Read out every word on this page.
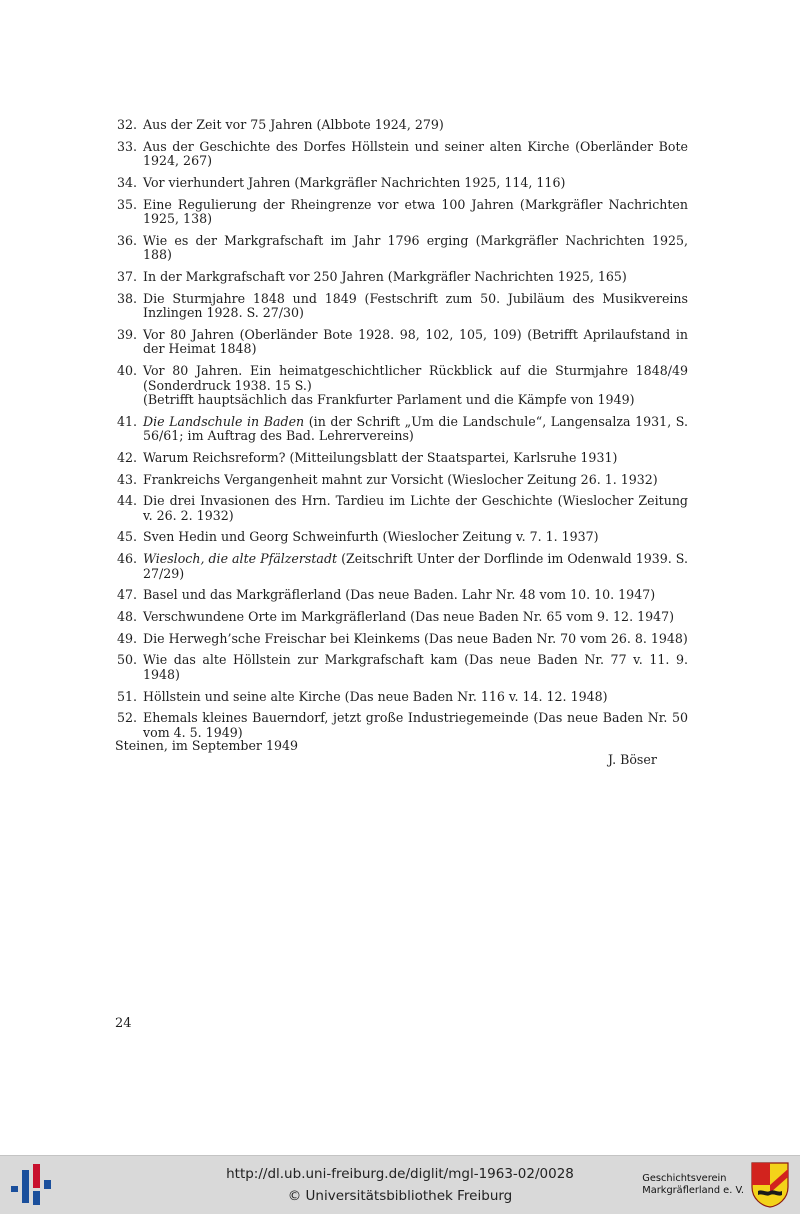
32. Aus der Zeit vor 75 Jahren (Albbote 1924, 279)
33. Aus der Geschichte des Dorfes Höllstein und seiner alten Kirche (Oberländer Bote 1924, 267)
34. Vor vierhundert Jahren (Markgräfler Nachrichten 1925, 114, 116)
35. Eine Regulierung der Rheingrenze vor etwa 100 Jahren (Markgräfler Nachrichten 1925, 138)
36. Wie es der Markgrafschaft im Jahr 1796 erging (Markgräfler Nachrichten 1925, 188)
37. In der Markgrafschaft vor 250 Jahren (Markgräfler Nachrichten 1925, 165)
38. Die Sturmjahre 1848 und 1849 (Festschrift zum 50. Jubiläum des Musikvereins Inzlingen 1928. S. 27/30)
39. Vor 80 Jahren (Oberländer Bote 1928. 98, 102, 105, 109) (Betrifft Aprilaufstand in der Heimat 1848)
40. Vor 80 Jahren. Ein heimatgeschichtlicher Rückblick auf die Sturmjahre 1848/49 (Sonderdruck 1938. 15 S.)
(Betrifft hauptsächlich das Frankfurter Parlament und die Kämpfe von 1949)
41. Die Landschule in Baden (in der Schrift „Um die Landschule“, Langensalza 1931, S. 56/61; im Auftrag des Bad. Lehrervereins)
42. Warum Reichsreform? (Mitteilungsblatt der Staatspartei, Karlsruhe 1931)
43. Frankreichs Vergangenheit mahnt zur Vorsicht (Wieslocher Zeitung 26. 1. 1932)
44. Die drei Invasionen des Hrn. Tardieu im Lichte der Geschichte (Wieslocher Zeitung v. 26. 2. 1932)
45. Sven Hedin und Georg Schweinfurth (Wieslocher Zeitung v. 7. 1. 1937)
46. Wiesloch, die alte Pfälzerstadt (Zeitschrift Unter der Dorflinde im Odenwald 1939. S. 27/29)
47. Basel und das Markgräflerland (Das neue Baden. Lahr Nr. 48 vom 10. 10. 1947)
48. Verschwundene Orte im Markgräflerland (Das neue Baden Nr. 65 vom 9. 12. 1947)
49. Die Herwegh’sche Freischar bei Kleinkems (Das neue Baden Nr. 70 vom 26. 8. 1948)
50. Wie das alte Höllstein zur Markgrafschaft kam (Das neue Baden Nr. 77 v. 11. 9. 1948)
51. Höllstein und seine alte Kirche (Das neue Baden Nr. 116 v. 14. 12. 1948)
52. Ehemals kleines Bauerndorf, jetzt große Industriegemeinde (Das neue Baden Nr. 50 vom 4. 5. 1949)
Steinen, im September 1949
J. Böser
24
http://dl.ub.uni-freiburg.de/diglit/mgl-1963-02/0028
© Universitätsbibliothek Freiburg
Geschichtsverein
Markgräflerland e. V.
